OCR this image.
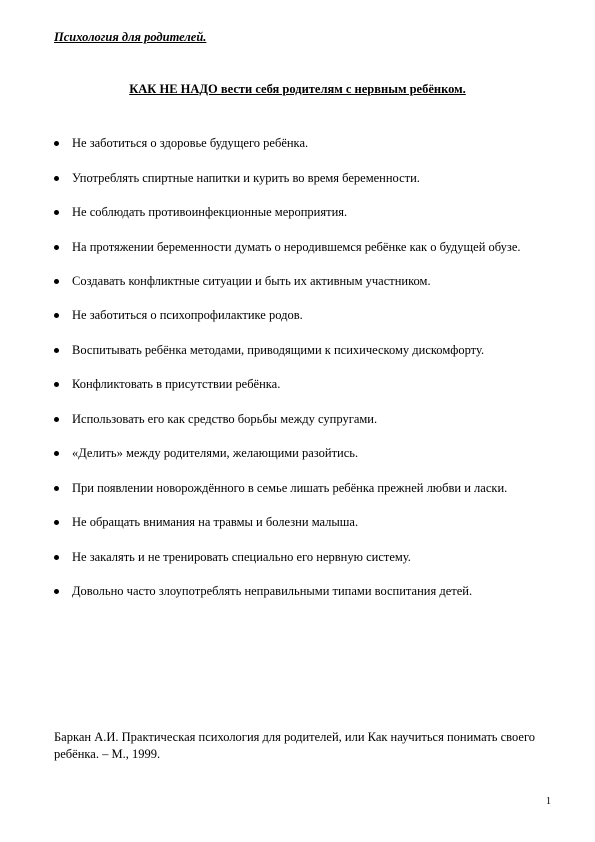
Психология для родителей.
КАК НЕ НАДО вести себя родителям с нервным ребёнком.
Не заботиться о здоровье будущего ребёнка.
Употреблять спиртные напитки и курить во время беременности.
Не соблюдать противоинфекционные мероприятия.
На протяжении беременности думать о неродившемся ребёнке как о будущей обузе.
Создавать конфликтные ситуации и быть их активным участником.
Не заботиться о психопрофилактике родов.
Воспитывать ребёнка методами, приводящими к психическому дискомфорту.
Конфликтовать в присутствии ребёнка.
Использовать его как средство борьбы между супругами.
«Делить» между родителями, желающими разойтись.
При появлении новорождённого в семье лишать ребёнка прежней любви и ласки.
Не обращать внимания на травмы и болезни малыша.
Не закалять и не тренировать специально его нервную систему.
Довольно часто злоупотреблять неправильными типами воспитания детей.
Баркан А.И. Практическая психология для родителей, или Как научиться понимать своего ребёнка. – М., 1999.
1
